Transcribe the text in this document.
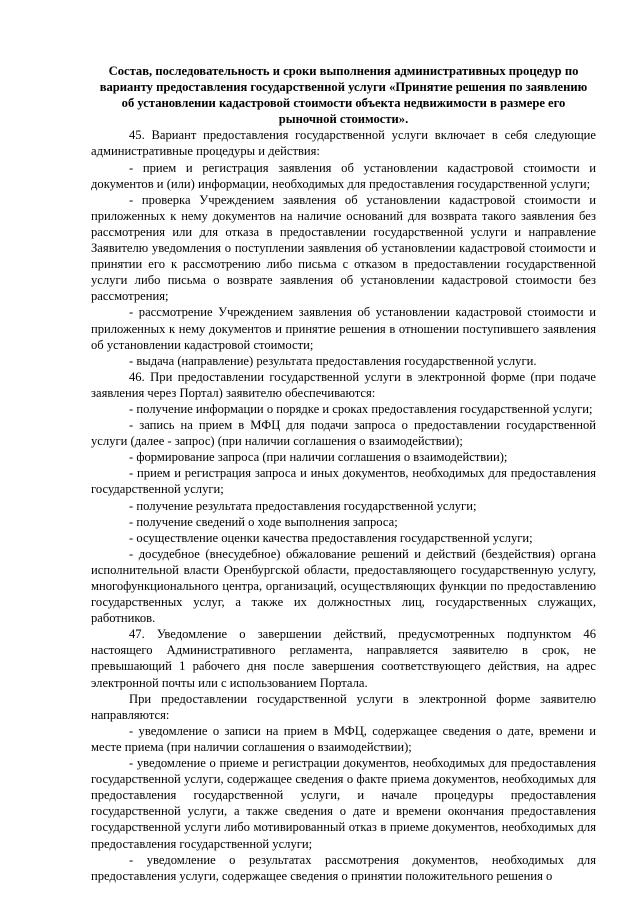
Состав, последовательность и сроки выполнения административных процедур по варианту предоставления государственной услуги «Принятие решения по заявлению об установлении кадастровой стоимости объекта недвижимости в размере его рыночной стоимости».

45. Вариант предоставления государственной услуги включает в себя следующие административные процедуры и действия:

- прием и регистрация заявления об установлении кадастровой стоимости и документов и (или) информации, необходимых для предоставления государственной услуги;

- проверка Учреждением заявления об установлении кадастровой стоимости и приложенных к нему документов на наличие оснований для возврата такого заявления без рассмотрения или для отказа в предоставлении государственной услуги и направление Заявителю уведомления о поступлении заявления об установлении кадастровой стоимости и принятии его к рассмотрению либо письма с отказом в предоставлении государственной услуги либо письма о возврате заявления об установлении кадастровой стоимости без рассмотрения;

- рассмотрение Учреждением заявления об установлении кадастровой стоимости и приложенных к нему документов и принятие решения в отношении поступившего заявления об установлении кадастровой стоимости;

- выдача (направление) результата предоставления государственной услуги.

46. При предоставлении государственной услуги в электронной форме (при подаче заявления через Портал) заявителю обеспечиваются:

- получение информации о порядке и сроках предоставления государственной услуги;

- запись на прием в МФЦ для подачи запроса о предоставлении государственной услуги (далее - запрос) (при наличии соглашения о взаимодействии);

- формирование запроса (при наличии соглашения о взаимодействии);

- прием и регистрация запроса и иных документов, необходимых для предоставления государственной услуги;

- получение результата предоставления государственной услуги;

- получение сведений о ходе выполнения запроса;

- осуществление оценки качества предоставления государственной услуги;

- досудебное (внесудебное) обжалование решений и действий (бездействия) органа исполнительной власти Оренбургской области, предоставляющего государственную услугу, многофункционального центра, организаций, осуществляющих функции по предоставлению государственных услуг, а также их должностных лиц, государственных служащих, работников.

47. Уведомление о завершении действий, предусмотренных подпунктом 46 настоящего Административного регламента, направляется заявителю в срок, не превышающий 1 рабочего дня после завершения соответствующего действия, на адрес электронной почты или с использованием Портала.

При предоставлении государственной услуги в электронной форме заявителю направляются:

- уведомление о записи на прием в МФЦ, содержащее сведения о дате, времени и месте приема (при наличии соглашения о взаимодействии);

- уведомление о приеме и регистрации документов, необходимых для предоставления государственной услуги, содержащее сведения о факте приема документов, необходимых для предоставления государственной услуги, и начале процедуры предоставления государственной услуги, а также сведения о дате и времени окончания предоставления государственной услуги либо мотивированный отказ в приеме документов, необходимых для предоставления государственной услуги;

- уведомление о результатах рассмотрения документов, необходимых для предоставления услуги, содержащее сведения о принятии положительного решения о
